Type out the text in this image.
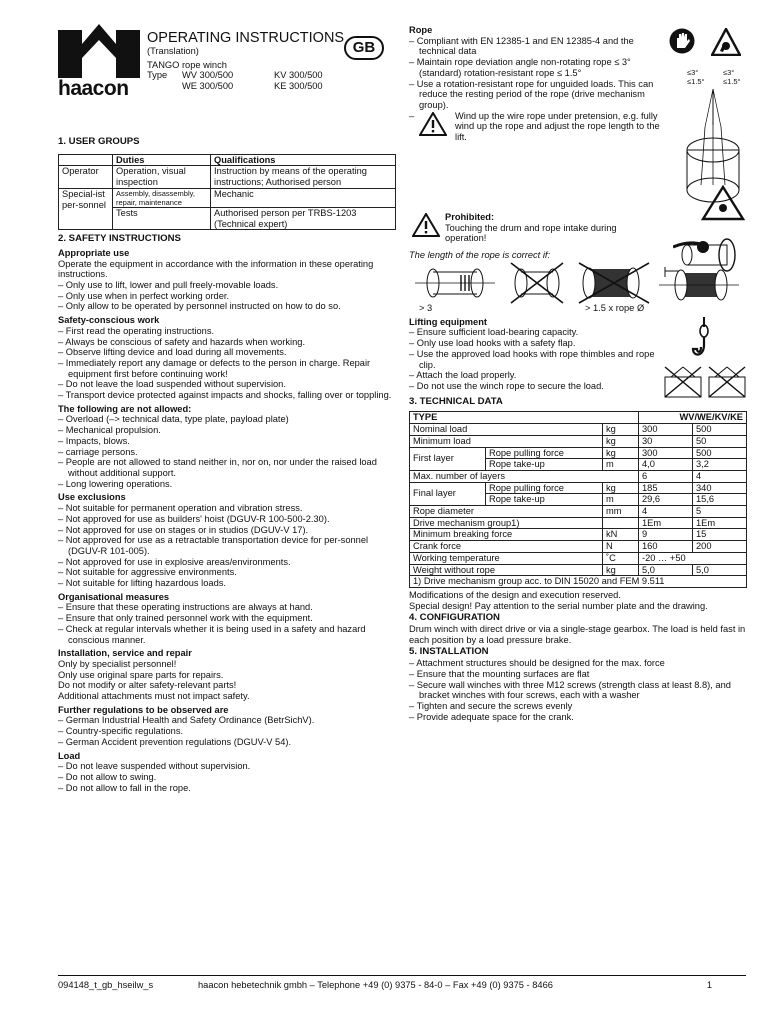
haacon
OPERATING INSTRUCTIONS
(Translation)
TANGO rope winch
Type WV 300/500	KV 300/500
WE 300/500	KE 300/500
GB
1. USER GROUPS
	Duties	Qualifications
Operator	Operation, visual inspection	Instruction by means of the operating instructions; Authorised person
Special-ist per-sonnel	Assembly, disassembly, repair, maintenance	Mechanic
	Tests	Authorised person per TRBS-1203 (Technical expert)
2. SAFETY INSTRUCTIONS
Appropriate use
Operate the equipment in accordance with the information in these operating instructions.
– Only use to lift, lower and pull freely-movable loads.
– Only use when in perfect working order.
– Only allow to be operated by personnel instructed on how to do so.
Safety-conscious work
– First read the operating instructions.
– Always be conscious of safety and hazards when working.
– Observe lifting device and load during all movements.
– Immediately report any damage or defects to the person in charge. Repair equipment first before continuing work!
– Do not leave the load suspended without supervision.
– Transport device protected against impacts and shocks, falling over or toppling.
The following are not allowed:
– Overload (–> technical data, type plate, payload plate)
– Mechanical propulsion.
– Impacts, blows.
– carriage persons.
– People are not allowed to stand neither in, nor on, nor under the raised load without additional support.
– Long lowering operations.
Use exclusions
– Not suitable for permanent operation and vibration stress.
– Not approved for use as builders' hoist (DGUV-R 100-500-2.30).
– Not approved for use on stages or in studios (DGUV-V 17).
– Not approved for use as a retractable transportation device for per-sonnel (DGUV-R 101-005).
– Not approved for use in explosive areas/environments.
– Not suitable for aggressive environments.
– Not suitable for lifting hazardous loads.
Organisational measures
– Ensure that these operating instructions are always at hand.
– Ensure that only trained personnel work with the equipment.
– Check at regular intervals whether it is being used in a safety and hazard conscious manner.
Installation, service and repair
Only by specialist personnel!
Only use original spare parts for repairs.
Do not modify or alter safety-relevant parts!
Additional attachments must not impact safety.
Further regulations to be observed are
– German Industrial Health and Safety Ordinance (BetrSichV).
– Country-specific regulations.
– German Accident prevention regulations (DGUV-V 54).
Load
– Do not leave suspended without supervision.
– Do not allow to swing.
– Do not allow to fall in the rope.
Rope
– Compliant with EN 12385-1 and EN 12385-4 and the technical data
– Maintain rope deviation angle non-rotating rope ≤ 3° (standard) rotation-resistant rope ≤ 1.5°
– Use a rotation-resistant rope for unguided loads. This can reduce the resting period of the rope (drive mechanism group).
–	Wind up the wire rope under pretension, e.g. fully wind up the rope and adjust the rope length to the lift.
≤3°
≤1.5°
≤3°
≤1.5°
Prohibited:
Touching the drum and rope intake during operation!
The length of the rope is correct if:
> 3	> 1.5 x rope Ø
Lifting equipment
– Ensure sufficient load-bearing capacity.
– Only use load hooks with a safety flap.
– Use the approved load hooks with rope thimbles and rope clip.
– Attach the load properly.
– Do not use the winch rope to secure the load.
3. TECHNICAL DATA
TYPE			WV/WE/KV/KE	
Nominal load		kg	300	500
Minimum load		kg	30	50
First layer	Rope pulling force	kg	300	500
	Rope take-up	m	4,0	3,2
Max. number of layers			6	4
Final layer	Rope pulling force	kg	185	340
	Rope take-up	m	29,6	15,6
Rope diameter		mm	4	5
Drive mechanism group1)			1Em	1Em
Minimum breaking force		kN	9	15
Crank force		N	160	200
Working temperature		˚C	-20 … +50	
Weight without rope		kg	5,0	5,0
1) Drive mechanism group acc. to DIN 15020 and FEM 9.511				
Modifications of the design and execution reserved.
Special design! Pay attention to the serial number plate and the drawing.
4. CONFIGURATION
Drum winch with direct drive or via a single-stage gearbox. The load is held fast in each position by a load pressure brake.
5. INSTALLATION
– Attachment structures should be designed for the max. force
– Ensure that the mounting surfaces are flat
– Secure wall winches with three M12 screws (strength class at least 8.8), and bracket winches with four screws, each with a washer
– Tighten and secure the screws evenly
– Provide adequate space for the crank.
094148_t_gb_hseilw_s	haacon hebetechnik gmbh – Telephone +49 (0) 9375 - 84-0 – Fax +49 (0) 9375 - 8466	1
